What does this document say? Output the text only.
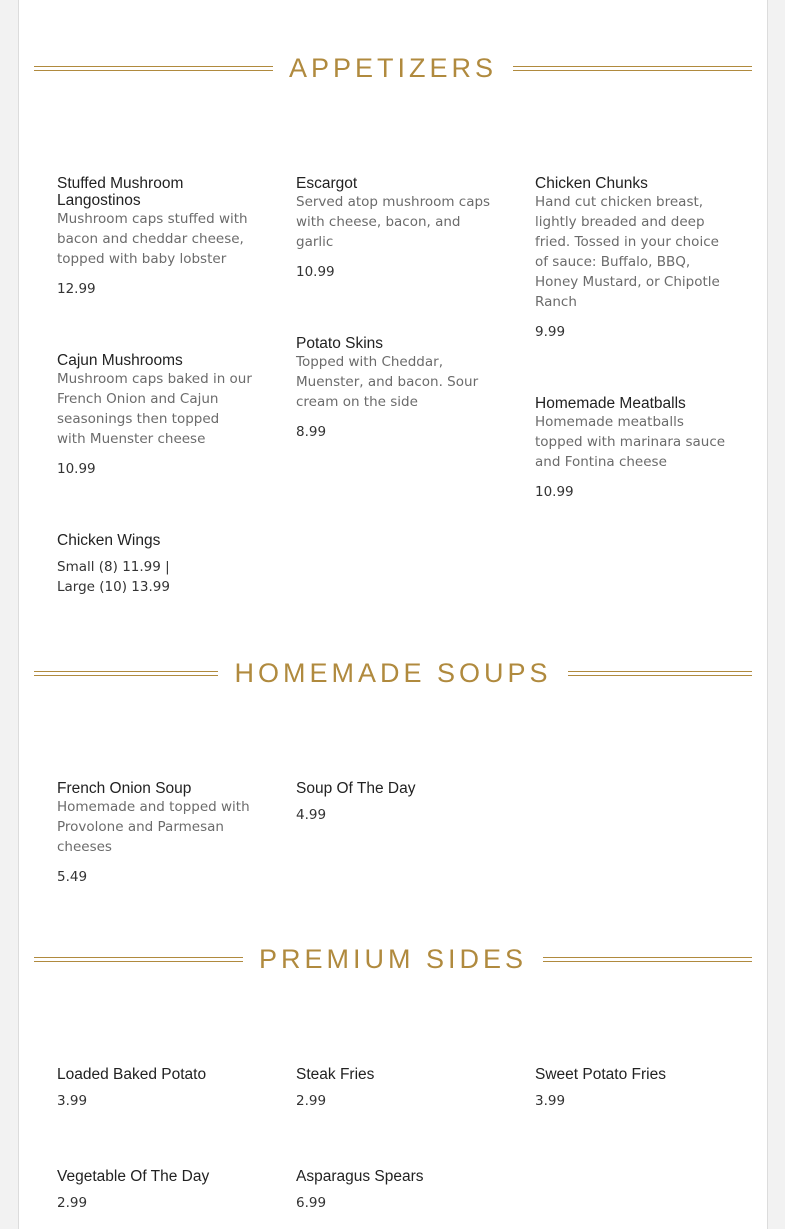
APPETIZERS
Stuffed Mushroom Langostinos
Mushroom caps stuffed with bacon and cheddar cheese, topped with baby lobster
12.99
Escargot
Served atop mushroom caps with cheese, bacon, and garlic
10.99
Chicken Chunks
Hand cut chicken breast, lightly breaded and deep fried. Tossed in your choice of sauce: Buffalo, BBQ, Honey Mustard, or Chipotle Ranch
9.99
Cajun Mushrooms
Mushroom caps baked in our French Onion and Cajun seasonings then topped with Muenster cheese
10.99
Potato Skins
Topped with Cheddar, Muenster, and bacon. Sour cream on the side
8.99
Homemade Meatballs
Homemade meatballs topped with marinara sauce and Fontina cheese
10.99
Chicken Wings
Small (8) 11.99 | Large (10) 13.99
HOMEMADE SOUPS
French Onion Soup
Homemade and topped with Provolone and Parmesan cheeses
5.49
Soup Of The Day
4.99
PREMIUM SIDES
Loaded Baked Potato
3.99
Steak Fries
2.99
Sweet Potato Fries
3.99
Vegetable Of The Day
2.99
Asparagus Spears
6.99
